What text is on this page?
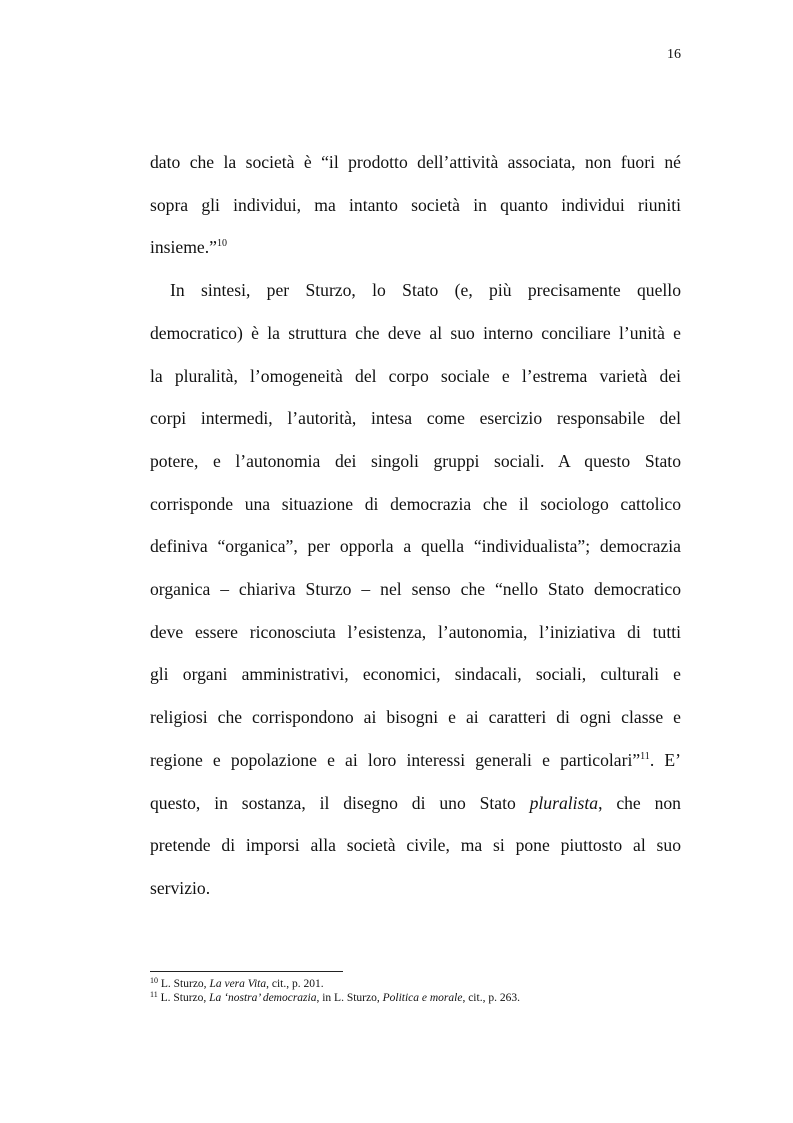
16

dato che la società è “il prodotto dell’attività associata, non fuori né
sopra gli individui, ma intanto società in quanto individui riuniti
insieme.”$^{10}$

In sintesi, per Sturzo, lo Stato (e, più precisamente quello
democratico) è la struttura che deve al suo interno conciliare l’unità e
la pluralità, l’omogeneità del corpo sociale e l’estrema varietà dei
corpi intermedi, l’autorità, intesa come esercizio responsabile del
potere, e l’autonomia dei singoli gruppi sociali. A questo Stato
corrisponde una situazione di democrazia che il sociologo cattolico
definiva “organica”, per opporla a quella “individualista”; democrazia
organica – chiariva Sturzo – nel senso che “nello Stato democratico
deve essere riconosciuta l’esistenza, l’autonomia, l’iniziativa di tutti
gli organi amministrativi, economici, sindacali, sociali, culturali e
religiosi che corrispondono ai bisogni e ai caratteri di ogni classe e
regione e popolazione e ai loro interessi generali e particolari”$^{11}$. E’
questo, in sostanza, il disegno di uno Stato pluralista, che non
pretende di imporsi alla società civile, ma si pone piuttosto al suo
servizio.

$^{10}$ L. Sturzo, La vera Vita, cit., p. 201.
$^{11}$ L. Sturzo, La ‘nostra’ democrazia, in L. Sturzo, Politica e morale, cit., p. 263.
